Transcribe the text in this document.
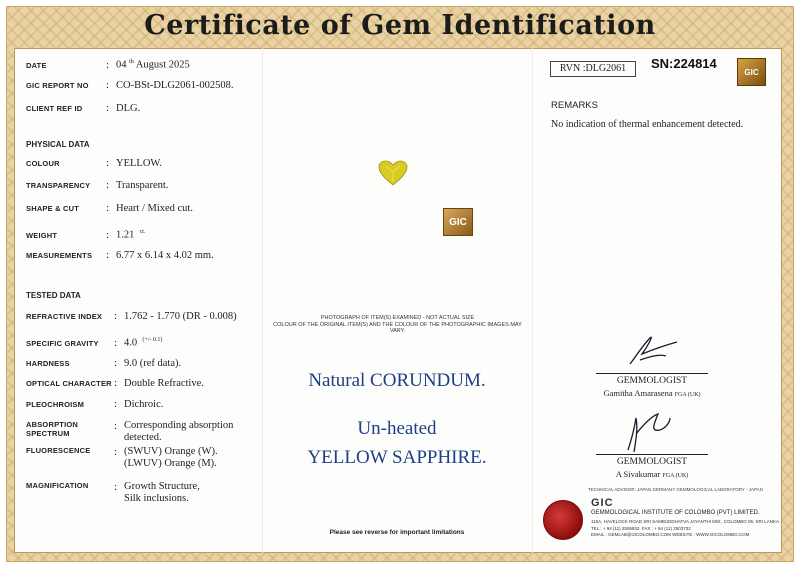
Certificate of Gem Identification
DATE	: 04 $^{th}$ August 2025
GIC REPORT NO	: CO-BSt-DLG2061-002508.
CLIENT REF ID	: DLG.
PHYSICAL DATA
COLOUR	: YELLOW.
TRANSPARENCY	: Transparent.
SHAPE & CUT	: Heart / Mixed cut.
WEIGHT	: 1.21 $^{ct.}$
MEASUREMENTS	: 6.77 x 6.14 x 4.02 mm.
TESTED DATA
REFRACTIVE INDEX	: 1.762 - 1.770 (DR - 0.008)
SPECIFIC GRAVITY	: 4.0 $^{(+/- 0.1)}$
HARDNESS	: 9.0 (ref data).
OPTICAL CHARACTER : Double Refractive.
PLEOCHROISM	: Dichroic.
ABSORPTION SPECTRUM
: Corresponding absorption
detected.
FLUORESCENCE	: (SWUV) Orange (W).
(LWUV) Orange (M).
MAGNIFICATION	: Growth Structure,
Silk inclusions.
GIC
PHOTOGRAPH OF ITEM(S) EXAMINED - NOT ACTUAL SIZE
COLOUR OF THE ORIGINAL ITEM(S) AND THE COLOUR OF THE PHOTOGRAPHIC IMAGES MAY VARY.
Natural CORUNDUM.
Un-heated
YELLOW SAPPHIRE.
Please see reverse for important limitations
RVN :DLG2061	SN:224814
GIC
REMARKS
No indication of thermal enhancement detected.
GEMMOLOGIST
Gamitha Amarasena FGA (UK)
GEMMOLOGIST
A Sivakumar FGA (UK)
TECHNICAL ADVISOR: JAPAN GERMANY GEMMOLOGICAL LABORATORY - JAPAN
GIC
GEMMOLOGICAL INSTITUTE OF COLOMBO (PVT) LIMITED.
115A, HAVELOCK ROAD SRI SAMBUDDHATVA JAYANTHI MW., COLOMBO 05, SRI LANKA.
TEL : + 94 (11) 2506932. FAX : + 94 (11) 2503732
EMAIL : GEMLAB@GICOLOMBO.COM WEBSITE : WWW.GICOLOMBO.COM
